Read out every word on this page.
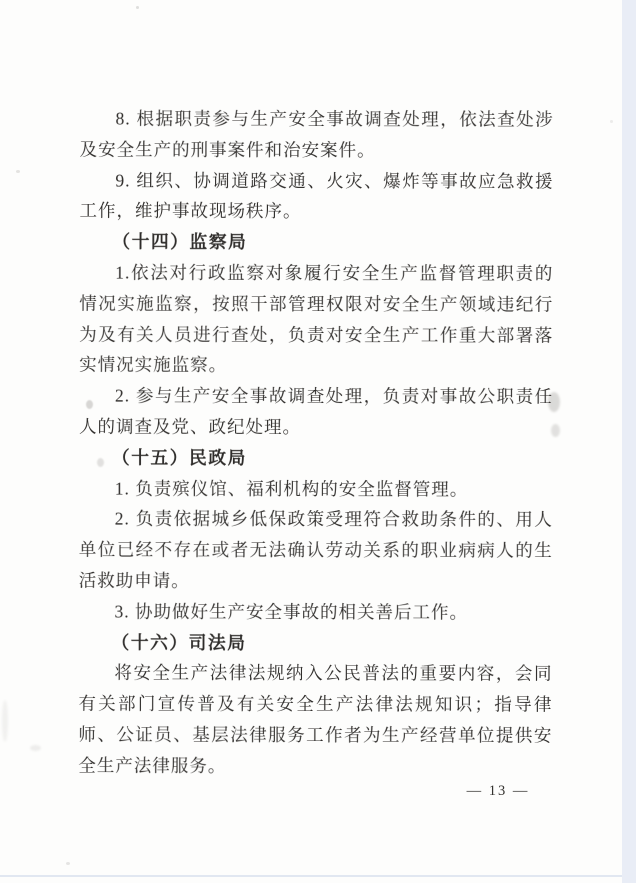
8. 根据职责参与生产安全事故调查处理，依法查处涉及安全生产的刑事案件和治安案件。

9. 组织、协调道路交通、火灾、爆炸等事故应急救援工作，维护事故现场秩序。

（十四）监察局

1.依法对行政监察对象履行安全生产监督管理职责的情况实施监察，按照干部管理权限对安全生产领域违纪行为及有关人员进行查处，负责对安全生产工作重大部署落实情况实施监察。

2. 参与生产安全事故调查处理，负责对事故公职责任人的调查及党、政纪处理。

（十五）民政局

1. 负责殡仪馆、福利机构的安全监督管理。

2. 负责依据城乡低保政策受理符合救助条件的、用人单位已经不存在或者无法确认劳动关系的职业病病人的生活救助申请。

3. 协助做好生产安全事故的相关善后工作。

（十六）司法局

将安全生产法律法规纳入公民普法的重要内容，会同有关部门宣传普及有关安全生产法律法规知识；指导律师、公证员、基层法律服务工作者为生产经营单位提供安全生产法律服务。

— 13 —
